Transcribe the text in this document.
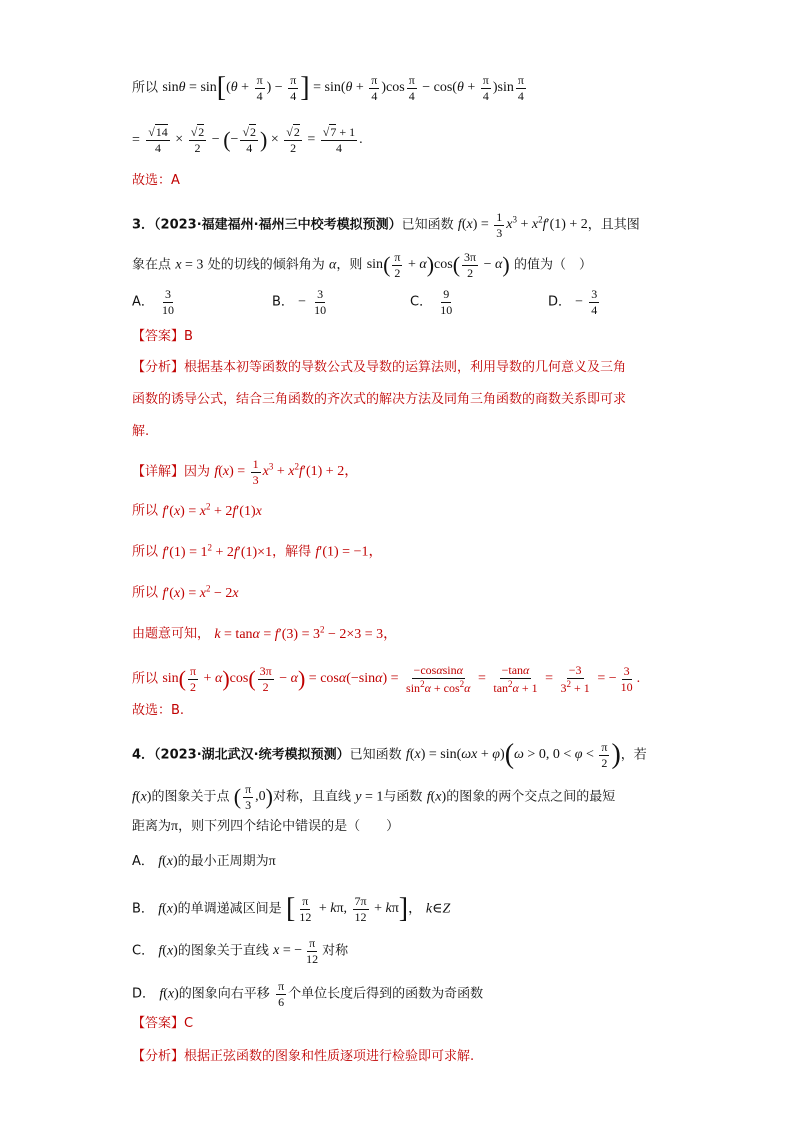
所以 $\sin\theta = \sin[(\theta + \frac{\pi}{4}$ ) − $\frac{\pi}{4}$ ] = $\sin(\theta + \frac{\pi}{4} )\cos \frac{\pi}{4} - \cos(\theta + \frac{\pi}{4} )\sin \frac{\pi}{4}$
= $\frac{√14}{4} \times \frac{√2}{2}$ − (− $\frac{√2}{4}$ ) × $\frac{√2}{2} = \frac{√7 + 1}{4}$ .
故选：A
3．（2023·福建福州·福州三中校考模拟预测）已知函数 $f(x) = \frac{1}{3} x^3 + x^2f'(1) + 2$，且其图
象在点 x = 3 处的切线的倾斜角为 α，则 $\sin( \frac{\pi}{2} + \alpha)\cos( \frac{3\pi}{2} - \alpha)$ 的值为（　）
A． $\frac{3}{10}$	B． − $\frac{3}{10}$	C． $\frac{9}{10}$	D． − $\frac{3}{4}$
【答案】B
【分析】根据基本初等函数的导数公式及导数的运算法则，利用导数的几何意义及三角
函数的诱导公式，结合三角函数的齐次式的解决方法及同角三角函数的商数关系即可求
解.
【详解】因为 $f(x) = \frac{1}{3} x^3 + x^2f'(1) + 2$，
所以 $f'(x) = x^2 + 2f'(1)x$
所以 $f'(1) = 1^2 + 2f'(1)\times 1$，解得 f′(1) = −1，
所以 $f'(x) = x^2 - 2x$
由题意可知， $k = \tan\alpha = f'(3) = 3^2 - 2\times 3 = 3$，
所以 $\sin( \frac{\pi}{2} + \alpha)\cos( \frac{3\pi}{2} - \alpha) = \cos\alpha(-\sin\alpha) = \frac{-\cos\alpha\sin\alpha}{\sin^2\alpha + \cos^2\alpha} = \frac{-\tan\alpha}{\tan^2\alpha + 1} = \frac{-3}{3^2 + 1}$ = − $\frac{3}{10}$ .
故选：B.
4．（2023·湖北武汉·统考模拟预测）已知函数 f(x) = sin(ωx + φ)(ω > 0, $0 < \varphi < \frac{\pi}{2}$ )，若
f(x)的图象关于点 ( $\frac{\pi}{3} ,0$)对称，且直线 y = 1与函数 f(x)的图象的两个交点之间的最短
距离为π，则下列四个结论中错误的是（　　）
A． f(x)的最小正周期为π
B． f(x)的单调递减区间是 [ $\frac{\pi}{12} + k\pi$, $\frac{7\pi}{12} + k\pi$]， k∈Z
C． f(x)的图象关于直线 x = − $\frac{\pi}{12}$ 对称
D． f(x)的图象向右平移 $\frac{\pi}{6}$ 个单位长度后得到的函数为奇函数
【答案】C
【分析】根据正弦函数的图象和性质逐项进行检验即可求解.
